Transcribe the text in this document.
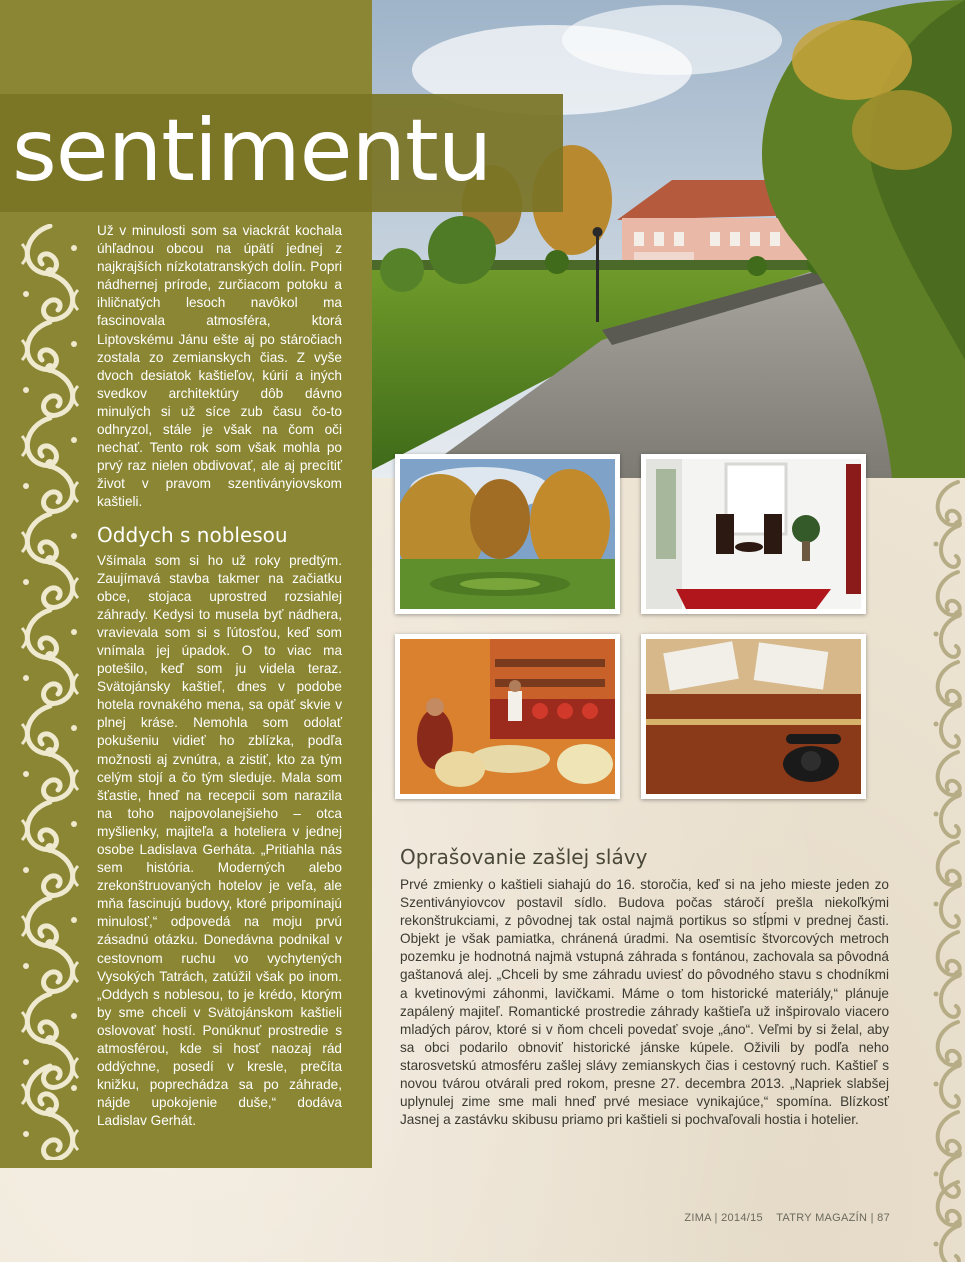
sentimentu

Už v minulosti som sa viackrát kochala úhľadnou obcou na úpätí jednej z najkrajších nízkotatranských dolín. Popri nádhernej prírode, zurčiacom potoku a ihličnatých lesoch navôkol ma fascinovala atmosféra, ktorá Liptovskému Jánu ešte aj po stáročiach zostala zo zemianskych čias. Z vyše dvoch desiatok kaštieľov, kúrií a iných svedkov architektúry dôb dávno minulých si už síce zub času čo-to odhryzol, stále je však na čom oči nechať. Tento rok som však mohla po prvý raz nielen obdivovať, ale aj precítiť život v pravom szentiványiovskom kaštieli.

Oddych s noblesou

Všímala som si ho už roky predtým. Zaujímavá stavba takmer na začiatku obce, stojaca uprostred rozsiahlej záhrady. Kedysi to musela byť nádhera, vravievala som si s ľútosťou, keď som vnímala jej úpadok. O to viac ma potešilo, keď som ju videla teraz. Svätojánsky kaštieľ, dnes v podobe hotela rovnakého mena, sa opäť skvie v plnej kráse. Nemohla som odolať pokušeniu vidieť ho zblízka, podľa možnosti aj zvnútra, a zistiť, kto za tým celým stojí a čo tým sleduje. Mala som šťastie, hneď na recepcii som narazila na toho najpovolanejšieho – otca myšlienky, majiteľa a hoteliera v jednej osobe Ladislava Gerháta. „Pritiahla nás sem história. Moderných alebo zrekonštruovaných hotelov je veľa, ale mňa fascinujú budovy, ktoré pripomínajú minulosť,“ odpovedá na moju prvú zásadnú otázku. Donedávna podnikal v cestovnom ruchu vo vychytených Vysokých Tatrách, zatúžil však po inom. „Oddych s noblesou, to je krédo, ktorým by sme chceli v Svätojánskom kaštieli oslovovať hostí. Ponúknuť prostredie s atmosférou, kde si hosť naozaj rád oddýchne, posedí v kresle, prečíta knižku, poprechádza sa po záhrade, nájde upokojenie duše,“ dodáva Ladislav Gerhát.

Oprašovanie zašlej slávy

Prvé zmienky o kaštieli siahajú do 16. storočia, keď si na jeho mieste jeden zo Szentiványiovcov postavil sídlo. Budova počas stáročí prešla niekoľkými rekonštrukciami, z pôvodnej tak ostal najmä portikus so stĺpmi v prednej časti. Objekt je však pamiatka, chránená úradmi. Na osemtisíc štvorcových metroch pozemku je hodnotná najmä vstupná záhrada s fontánou, zachovala sa pôvodná gaštanová alej. „Chceli by sme záhradu uviesť do pôvodného stavu s chodníkmi a kvetinovými záhonmi, lavičkami. Máme o tom historické materiály,“ plánuje zapálený majiteľ. Romantické prostredie záhrady kaštieľa už inšpirovalo viacero mladých párov, ktoré si v ňom chceli povedať svoje „áno“. Veľmi by si želal, aby sa obci podarilo obnoviť historické jánske kúpele. Oživili by podľa neho starosvetskú atmosféru zašlej slávy zemianskych čias i cestovný ruch. Kaštieľ s novou tvárou otvárali pred rokom, presne 27. decembra 2013. „Napriek slabšej uplynulej zime sme mali hneď prvé mesiace vynikajúce,“ spomína. Blízkosť Jasnej a zastávku skibusu priamo pri kaštieli si pochvaľovali hostia i hotelier.

ZIMA | 2014/15 TATRY MAGAZÍN | 87
